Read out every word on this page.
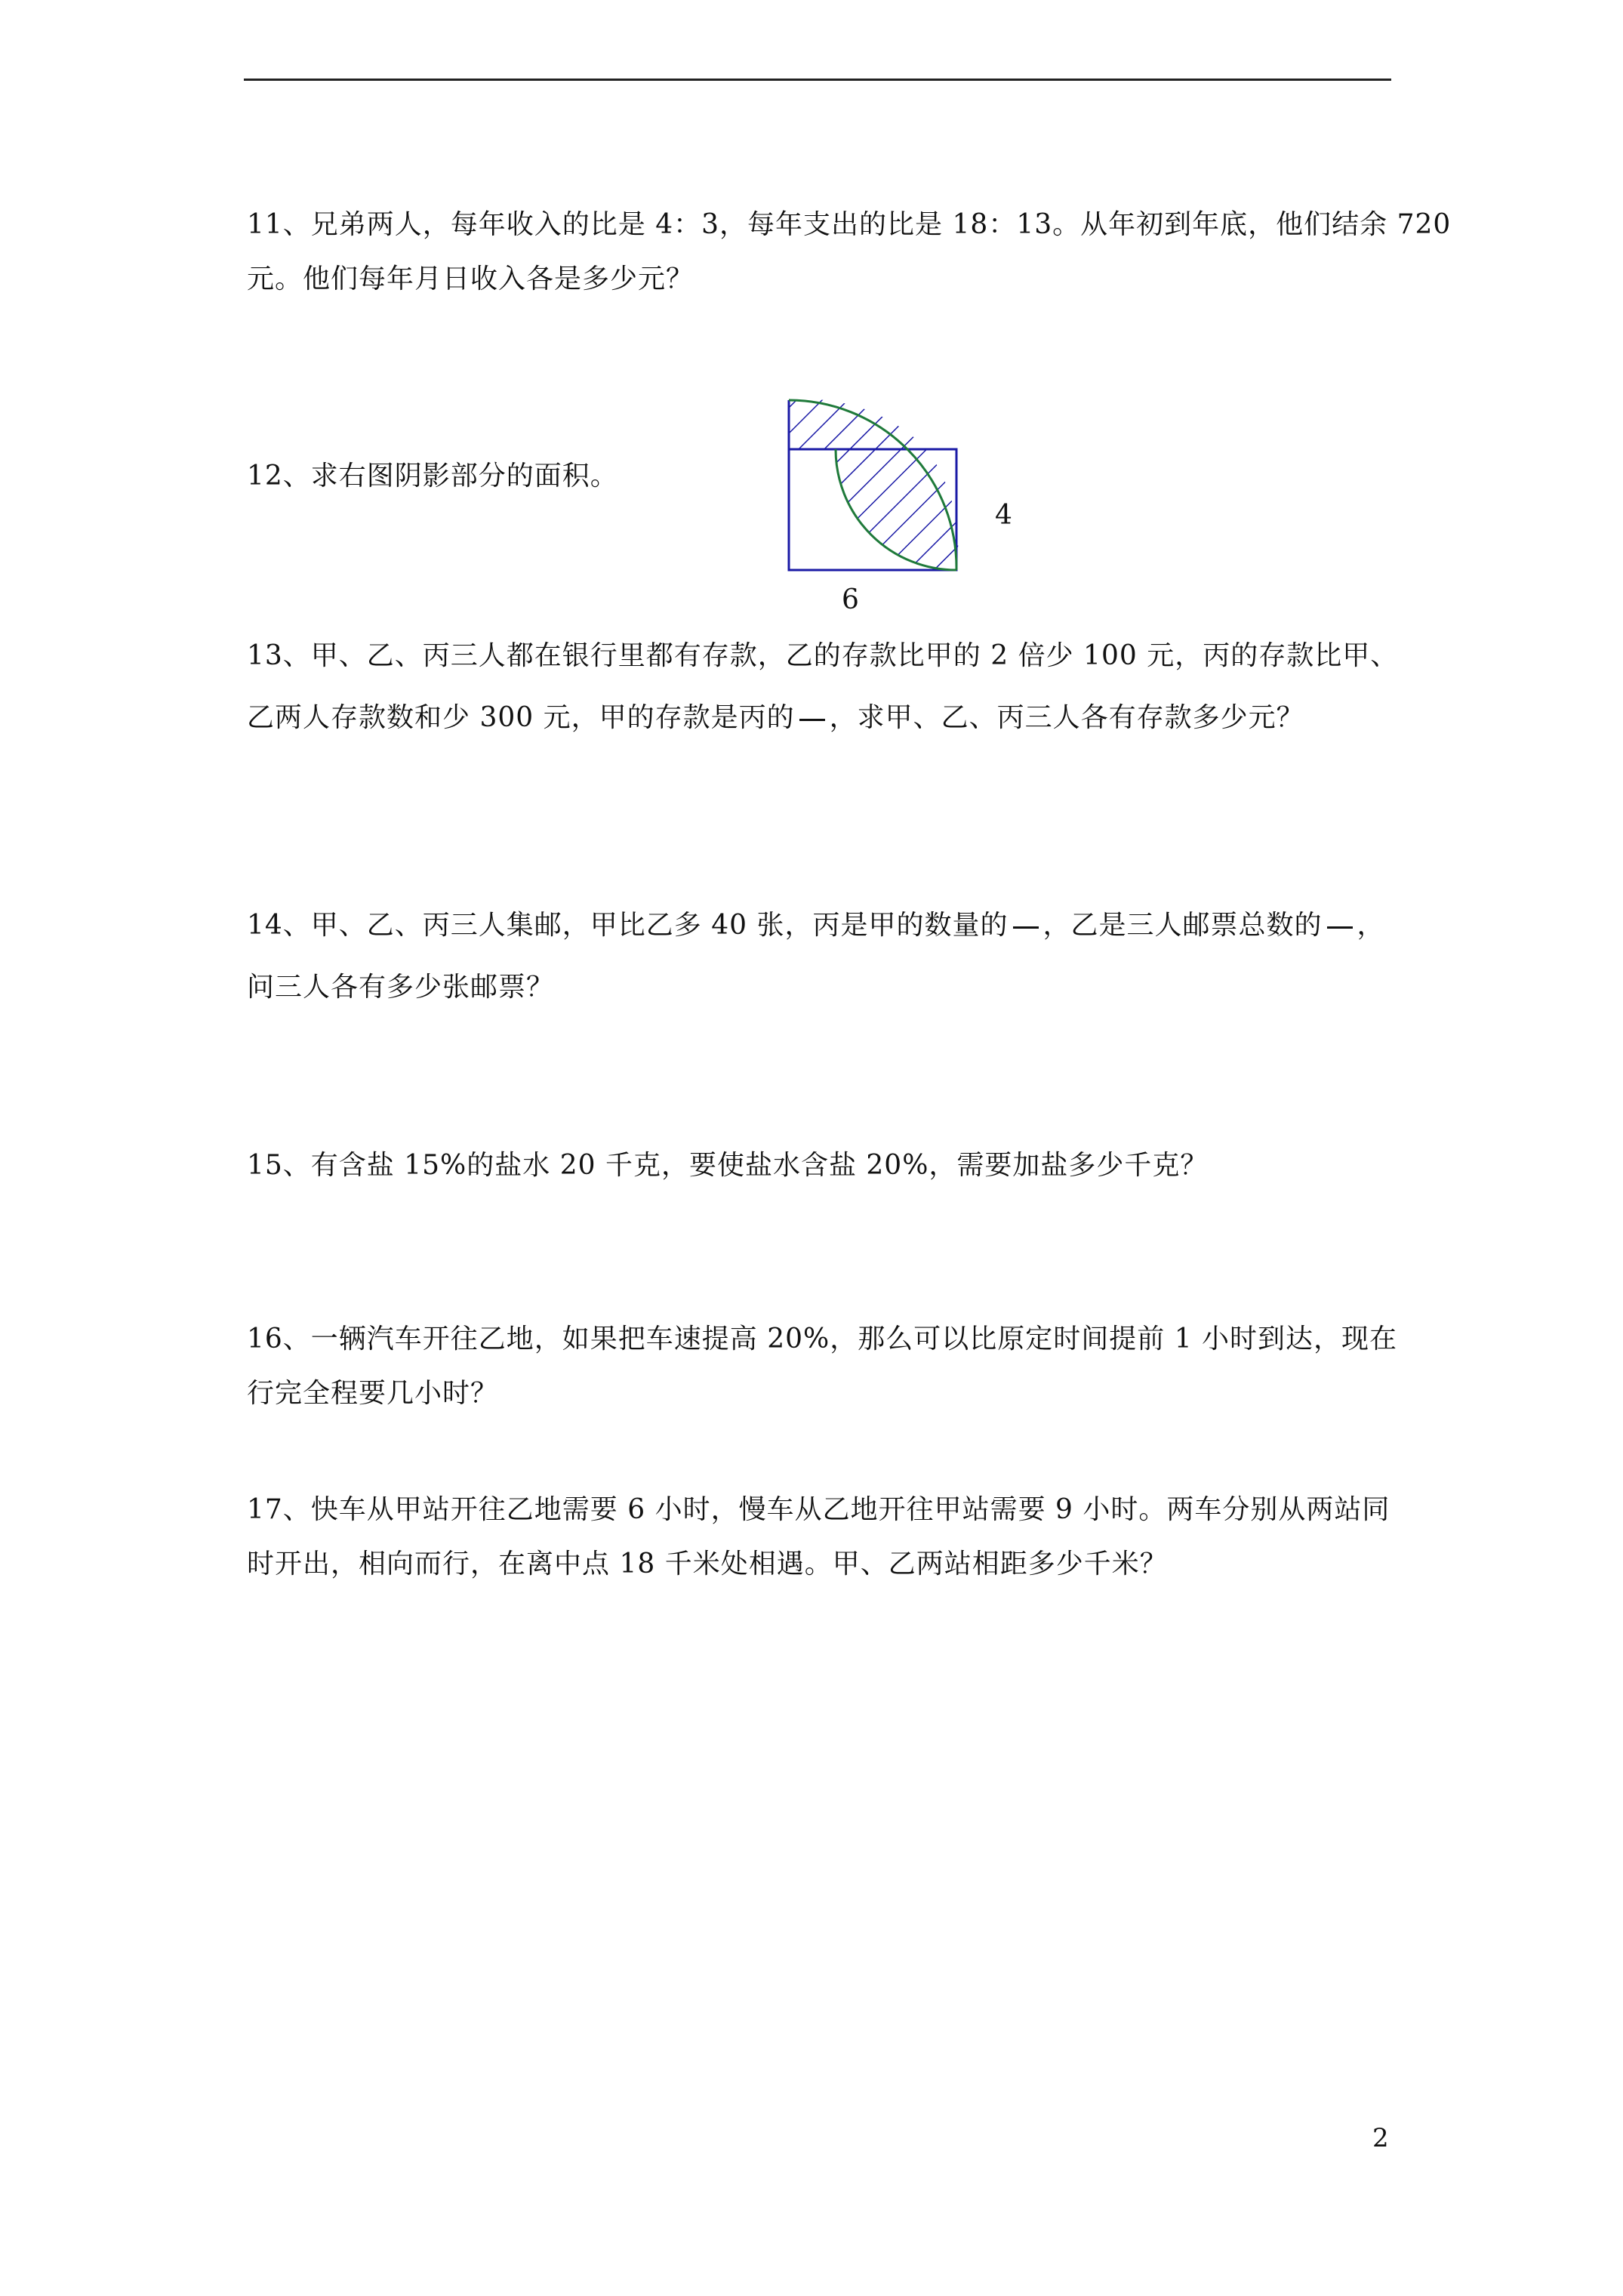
11、兄弟两人，每年收入的比是 4：3，每年支出的比是 18：13。从年初到年底，他们结余 720
元。他们每年月日收入各是多少元？
12、求右图阴影部分的面积。
4
6
13、甲、乙、丙三人都在银行里都有存款，乙的存款比甲的 2 倍少 100 元，丙的存款比甲、
乙两人存款数和少 300 元，甲的存款是丙的 ，求甲、乙、丙三人各有存款多少元？
14、甲、乙、丙三人集邮，甲比乙多 40 张，丙是甲的数量的 ，乙是三人邮票总数的 ，
问三人各有多少张邮票？
15、有含盐 15%的盐水 20 千克，要使盐水含盐 20%，需要加盐多少千克？
16、一辆汽车开往乙地，如果把车速提高 20%，那么可以比原定时间提前 1 小时到达，现在
行完全程要几小时？
17、快车从甲站开往乙地需要 6 小时，慢车从乙地开往甲站需要 9 小时。两车分别从两站同
时开出，相向而行，在离中点 18 千米处相遇。甲、乙两站相距多少千米？
2
